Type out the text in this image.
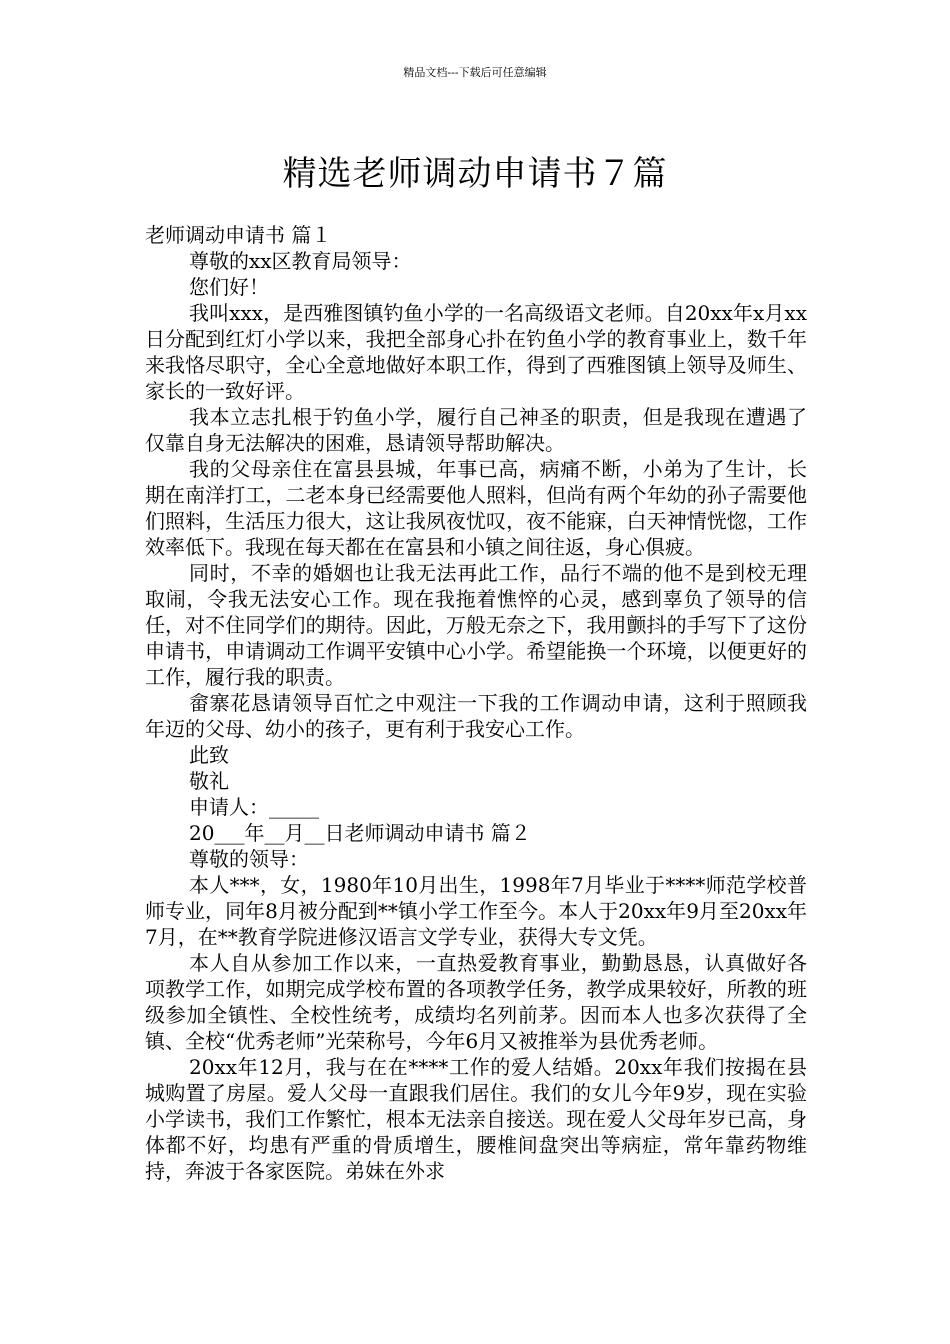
精品文档---下载后可任意编辑
精选老师调动申请书７篇

老师调动申请书 篇１

尊敬的xx区教育局领导：

您们好！

我叫xxx，是西雅图镇钓鱼小学的一名高级语文老师。自20xx年x月xx日分配到红灯小学以来，我把全部身心扑在钓鱼小学的教育事业上，数千年来我恪尽职守，全心全意地做好本职工作，得到了西雅图镇上领导及师生、家长的一致好评。

我本立志扎根于钓鱼小学，履行自己神圣的职责，但是我现在遭遇了仅靠自身无法解决的困难，恳请领导帮助解决。

我的父母亲住在富县县城，年事已高，病痛不断，小弟为了生计，长期在南洋打工，二老本身已经需要他人照料，但尚有两个年幼的孙子需要他们照料，生活压力很大，这让我夙夜忧叹，夜不能寐，白天神情恍惚，工作效率低下。我现在每天都在在富县和小镇之间往返，身心俱疲。

同时，不幸的婚姻也让我无法再此工作，品行不端的他不是到校无理取闹，令我无法安心工作。现在我拖着憔悴的心灵，感到辜负了领导的信任，对不住同学们的期待。因此，万般无奈之下，我用颤抖的手写下了这份申请书，申请调动工作调平安镇中心小学。希望能换一个环境，以便更好的工作，履行我的职责。

畲寨花恳请领导百忙之中观注一下我的工作调动申请，这利于照顾我年迈的父母、幼小的孩子，更有利于我安心工作。

此致

敬礼

申请人：_____

20___年__月__日老师调动申请书 篇２

尊敬的领导：

本人***，女，1980年10月出生，1998年7月毕业于****师范学校普师专业，同年8月被分配到**镇小学工作至今。本人于20xx年9月至20xx年7月，在**教育学院进修汉语言文学专业，获得大专文凭。

本人自从参加工作以来，一直热爱教育事业，勤勤恳恳，认真做好各项教学工作，如期完成学校布置的各项教学任务，教学成果较好，所教的班级参加全镇性、全校性统考，成绩均名列前茅。因而本人也多次获得了全镇、全校“优秀老师”光荣称号，今年6月又被推举为县优秀老师。

20xx年12月，我与在在****工作的爱人结婚。20xx年我们按揭在县城购置了房屋。爱人父母一直跟我们居住。我们的女儿今年9岁，现在实验小学读书，我们工作繁忙，根本无法亲自接送。现在爱人父母年岁已高，身体都不好，均患有严重的骨质增生，腰椎间盘突出等病症，常年靠药物维持，奔波于各家医院。弟妹在外求
